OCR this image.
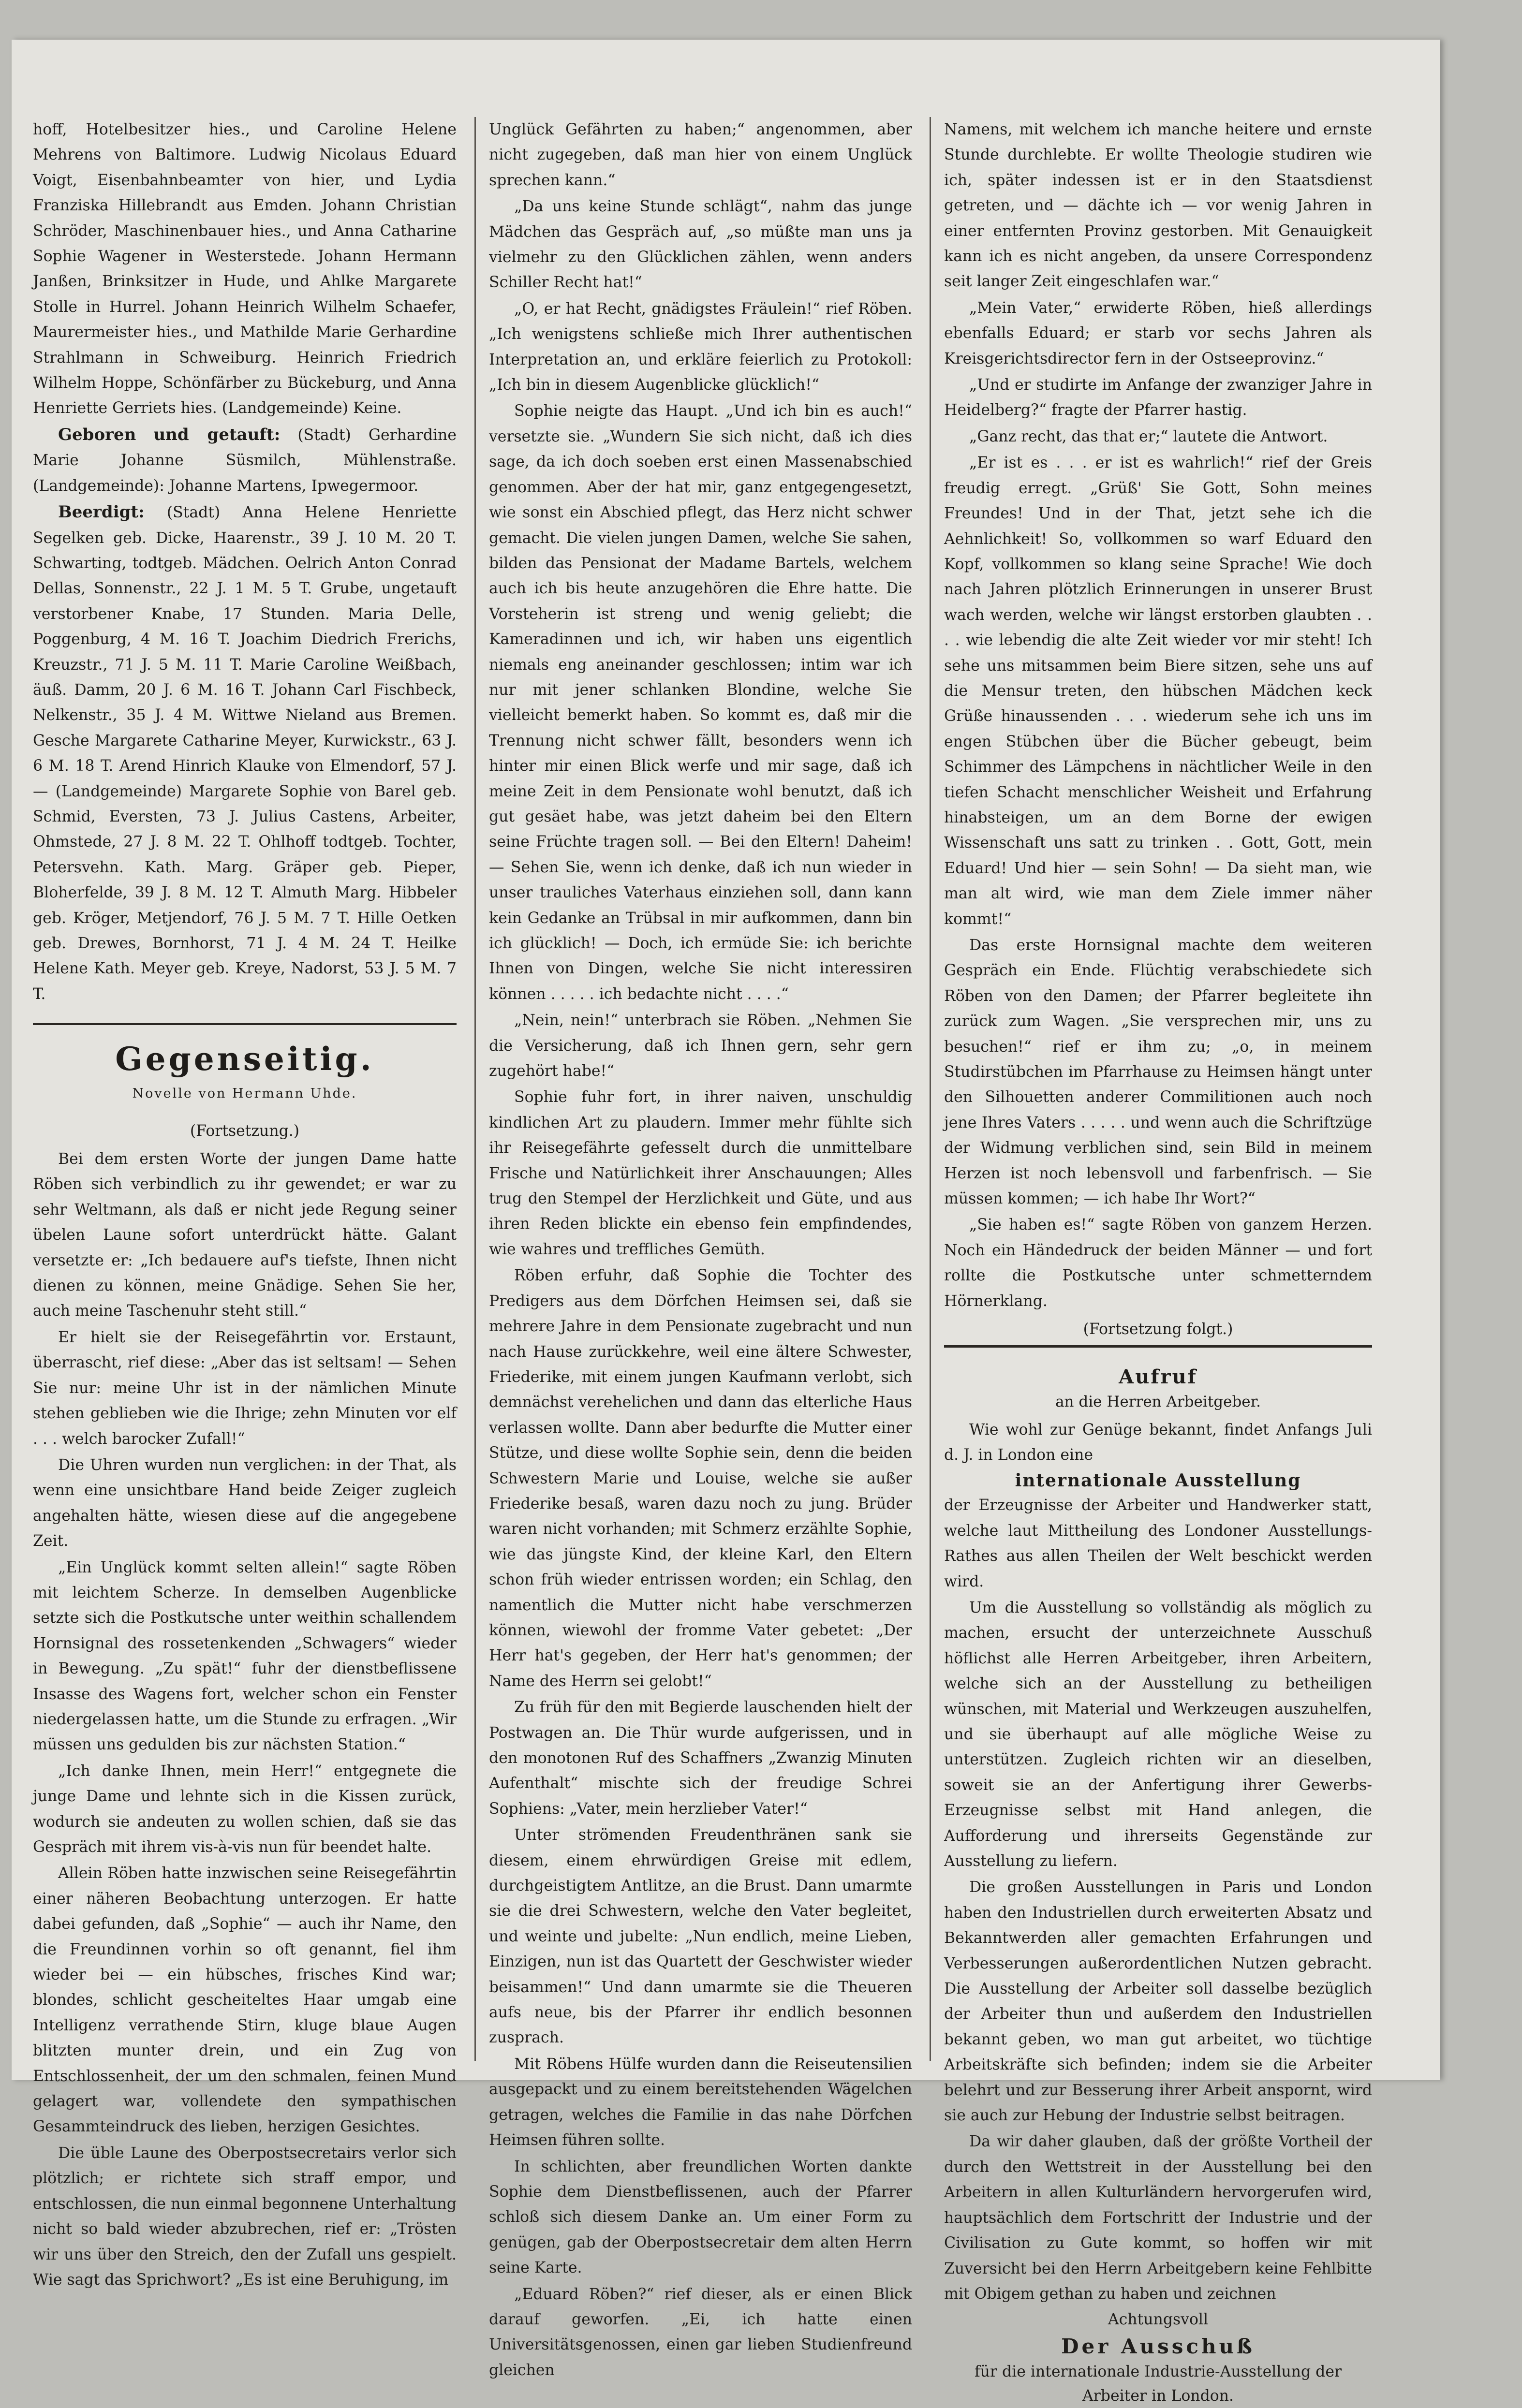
hoff, Hotelbesitzer hies., und Caroline Helene Mehrens von Baltimore. Ludwig Nicolaus Eduard Voigt, Eisenbahnbeamter von hier, und Lydia Franziska Hillebrandt aus Emden. Johann Christian Schröder, Maschinenbauer hies., und Anna Catharine Sophie Wagener in Westerstede. Johann Hermann Janßen, Brinksitzer in Hude, und Ahlke Margarete Stolle in Hurrel. Johann Heinrich Wilhelm Schaefer, Maurermeister hies., und Mathilde Marie Gerhardine Strahlmann in Schweiburg. Heinrich Friedrich Wilhelm Hoppe, Schönfärber zu Bückeburg, und Anna Henriette Gerriets hies. (Landgemeinde) Keine.

Geboren und getauft: (Stadt) Gerhardine Marie Johanne Süsmilch, Mühlenstraße. (Landgemeinde): Johanne Martens, Ipwegermoor.

Beerdigt: (Stadt) Anna Helene Henriette Segelken geb. Dicke, Haarenstr., 39 J. 10 M. 20 T. Schwarting, todtgeb. Mädchen. Oelrich Anton Conrad Dellas, Sonnenstr., 22 J. 1 M. 5 T. Grube, ungetauft verstorbener Knabe, 17 Stunden. Maria Delle, Poggenburg, 4 M. 16 T. Joachim Diedrich Frerichs, Kreuzstr., 71 J. 5 M. 11 T. Marie Caroline Weißbach, äuß. Damm, 20 J. 6 M. 16 T. Johann Carl Fischbeck, Nelkenstr., 35 J. 4 M. Wittwe Nieland aus Bremen. Gesche Margarete Catharine Meyer, Kurwickstr., 63 J. 6 M. 18 T. Arend Hinrich Klauke von Elmendorf, 57 J. — (Landgemeinde) Margarete Sophie von Barel geb. Schmid, Eversten, 73 J. Julius Castens, Arbeiter, Ohmstede, 27 J. 8 M. 22 T. Ohlhoff todtgeb. Tochter, Petersvehn. Kath. Marg. Gräper geb. Pieper, Bloherfelde, 39 J. 8 M. 12 T. Almuth Marg. Hibbeler geb. Kröger, Metjendorf, 76 J. 5 M. 7 T. Hille Oetken geb. Drewes, Bornhorst, 71 J. 4 M. 24 T. Heilke Helene Kath. Meyer geb. Kreye, Nadorst, 53 J. 5 M. 7 T.

Gegenseitig.
Novelle von Hermann Uhde.
(Fortsetzung.)

Bei dem ersten Worte der jungen Dame hatte Röben sich verbindlich zu ihr gewendet; er war zu sehr Weltmann, als daß er nicht jede Regung seiner übelen Laune sofort unterdrückt hätte. Galant versetzte er: „Ich bedauere auf's tiefste, Ihnen nicht dienen zu können, meine Gnädige. Sehen Sie her, auch meine Taschenuhr steht still.“

Er hielt sie der Reisegefährtin vor. Erstaunt, überrascht, rief diese: „Aber das ist seltsam! — Sehen Sie nur: meine Uhr ist in der nämlichen Minute stehen geblieben wie die Ihrige; zehn Minuten vor elf . . . welch barocker Zufall!“

Die Uhren wurden nun verglichen: in der That, als wenn eine unsichtbare Hand beide Zeiger zugleich angehalten hätte, wiesen diese auf die angegebene Zeit.

„Ein Unglück kommt selten allein!“ sagte Röben mit leichtem Scherze. In demselben Augenblicke setzte sich die Postkutsche unter weithin schallendem Hornsignal des rossetenkenden „Schwagers“ wieder in Bewegung. „Zu spät!“ fuhr der dienstbeflissene Insasse des Wagens fort, welcher schon ein Fenster niedergelassen hatte, um die Stunde zu erfragen. „Wir müssen uns gedulden bis zur nächsten Station.“

„Ich danke Ihnen, mein Herr!“ entgegnete die junge Dame und lehnte sich in die Kissen zurück, wodurch sie andeuten zu wollen schien, daß sie das Gespräch mit ihrem vis-à-vis nun für beendet halte.

Allein Röben hatte inzwischen seine Reisegefährtin einer näheren Beobachtung unterzogen. Er hatte dabei gefunden, daß „Sophie“ — auch ihr Name, den die Freundinnen vorhin so oft genannt, fiel ihm wieder bei — ein hübsches, frisches Kind war; blondes, schlicht gescheiteltes Haar umgab eine Intelligenz verrathende Stirn, kluge blaue Augen blitzten munter drein, und ein Zug von Entschlossenheit, der um den schmalen, feinen Mund gelagert war, vollendete den sympathischen Gesammteindruck des lieben, herzigen Gesichtes.

Die üble Laune des Oberpostsecretairs verlor sich plötzlich; er richtete sich straff empor, und entschlossen, die nun einmal begonnene Unterhaltung nicht so bald wieder abzubrechen, rief er: „Trösten wir uns über den Streich, den der Zufall uns gespielt. Wie sagt das Sprichwort? „Es ist eine Beruhigung, im

Unglück Gefährten zu haben;“ angenommen, aber nicht zugegeben, daß man hier von einem Unglück sprechen kann.“

„Da uns keine Stunde schlägt“, nahm das junge Mädchen das Gespräch auf, „so müßte man uns ja vielmehr zu den Glücklichen zählen, wenn anders Schiller Recht hat!“

„O, er hat Recht, gnädigstes Fräulein!“ rief Röben. „Ich wenigstens schließe mich Ihrer authentischen Interpretation an, und erkläre feierlich zu Protokoll: „Ich bin in diesem Augenblicke glücklich!“

Sophie neigte das Haupt. „Und ich bin es auch!“ versetzte sie. „Wundern Sie sich nicht, daß ich dies sage, da ich doch soeben erst einen Massenabschied genommen. Aber der hat mir, ganz entgegengesetzt, wie sonst ein Abschied pflegt, das Herz nicht schwer gemacht. Die vielen jungen Damen, welche Sie sahen, bilden das Pensionat der Madame Bartels, welchem auch ich bis heute anzugehören die Ehre hatte. Die Vorsteherin ist streng und wenig geliebt; die Kameradinnen und ich, wir haben uns eigentlich niemals eng aneinander geschlossen; intim war ich nur mit jener schlanken Blondine, welche Sie vielleicht bemerkt haben. So kommt es, daß mir die Trennung nicht schwer fällt, besonders wenn ich hinter mir einen Blick werfe und mir sage, daß ich meine Zeit in dem Pensionate wohl benutzt, daß ich gut gesäet habe, was jetzt daheim bei den Eltern seine Früchte tragen soll. — Bei den Eltern! Daheim! — Sehen Sie, wenn ich denke, daß ich nun wieder in unser trauliches Vaterhaus einziehen soll, dann kann kein Gedanke an Trübsal in mir aufkommen, dann bin ich glücklich! — Doch, ich ermüde Sie: ich berichte Ihnen von Dingen, welche Sie nicht interessiren können . . . . . ich bedachte nicht . . . .“

„Nein, nein!“ unterbrach sie Röben. „Nehmen Sie die Versicherung, daß ich Ihnen gern, sehr gern zugehört habe!“

Sophie fuhr fort, in ihrer naiven, unschuldig kindlichen Art zu plaudern. Immer mehr fühlte sich ihr Reisegefährte gefesselt durch die unmittelbare Frische und Natürlichkeit ihrer Anschauungen; Alles trug den Stempel der Herzlichkeit und Güte, und aus ihren Reden blickte ein ebenso fein empfindendes, wie wahres und treffliches Gemüth.

Röben erfuhr, daß Sophie die Tochter des Predigers aus dem Dörfchen Heimsen sei, daß sie mehrere Jahre in dem Pensionate zugebracht und nun nach Hause zurückkehre, weil eine ältere Schwester, Friederike, mit einem jungen Kaufmann verlobt, sich demnächst verehelichen und dann das elterliche Haus verlassen wollte. Dann aber bedurfte die Mutter einer Stütze, und diese wollte Sophie sein, denn die beiden Schwestern Marie und Louise, welche sie außer Friederike besaß, waren dazu noch zu jung. Brüder waren nicht vorhanden; mit Schmerz erzählte Sophie, wie das jüngste Kind, der kleine Karl, den Eltern schon früh wieder entrissen worden; ein Schlag, den namentlich die Mutter nicht habe verschmerzen können, wiewohl der fromme Vater gebetet: „Der Herr hat's gegeben, der Herr hat's genommen; der Name des Herrn sei gelobt!“

Zu früh für den mit Begierde lauschenden hielt der Postwagen an. Die Thür wurde aufgerissen, und in den monotonen Ruf des Schaffners „Zwanzig Minuten Aufenthalt“ mischte sich der freudige Schrei Sophiens: „Vater, mein herzlieber Vater!“

Unter strömenden Freudenthränen sank sie diesem, einem ehrwürdigen Greise mit edlem, durchgeistigtem Antlitze, an die Brust. Dann umarmte sie die drei Schwestern, welche den Vater begleitet, und weinte und jubelte: „Nun endlich, meine Lieben, Einzigen, nun ist das Quartett der Geschwister wieder beisammen!“ Und dann umarmte sie die Theueren aufs neue, bis der Pfarrer ihr endlich besonnen zusprach.

Mit Röbens Hülfe wurden dann die Reiseutensilien ausgepackt und zu einem bereitstehenden Wägelchen getragen, welches die Familie in das nahe Dörfchen Heimsen führen sollte.

In schlichten, aber freundlichen Worten dankte Sophie dem Dienstbeflissenen, auch der Pfarrer schloß sich diesem Danke an. Um einer Form zu genügen, gab der Oberpostsecretair dem alten Herrn seine Karte.

„Eduard Röben?“ rief dieser, als er einen Blick darauf geworfen. „Ei, ich hatte einen Universitätsgenossen, einen gar lieben Studienfreund gleichen

Namens, mit welchem ich manche heitere und ernste Stunde durchlebte. Er wollte Theologie studiren wie ich, später indessen ist er in den Staatsdienst getreten, und — dächte ich — vor wenig Jahren in einer entfernten Provinz gestorben. Mit Genauigkeit kann ich es nicht angeben, da unsere Correspondenz seit langer Zeit eingeschlafen war.“

„Mein Vater,“ erwiderte Röben, hieß allerdings ebenfalls Eduard; er starb vor sechs Jahren als Kreisgerichtsdirector fern in der Ostseeprovinz.“

„Und er studirte im Anfange der zwanziger Jahre in Heidelberg?“ fragte der Pfarrer hastig.

„Ganz recht, das that er;“ lautete die Antwort.

„Er ist es . . . er ist es wahrlich!“ rief der Greis freudig erregt. „Grüß' Sie Gott, Sohn meines Freundes! Und in der That, jetzt sehe ich die Aehnlichkeit! So, vollkommen so warf Eduard den Kopf, vollkommen so klang seine Sprache! Wie doch nach Jahren plötzlich Erinnerungen in unserer Brust wach werden, welche wir längst erstorben glaubten . . . . wie lebendig die alte Zeit wieder vor mir steht! Ich sehe uns mitsammen beim Biere sitzen, sehe uns auf die Mensur treten, den hübschen Mädchen keck Grüße hinaussenden . . . wiederum sehe ich uns im engen Stübchen über die Bücher gebeugt, beim Schimmer des Lämpchens in nächtlicher Weile in den tiefen Schacht menschlicher Weisheit und Erfahrung hinabsteigen, um an dem Borne der ewigen Wissenschaft uns satt zu trinken . . Gott, Gott, mein Eduard! Und hier — sein Sohn! — Da sieht man, wie man alt wird, wie man dem Ziele immer näher kommt!“

Das erste Hornsignal machte dem weiteren Gespräch ein Ende. Flüchtig verabschiedete sich Röben von den Damen; der Pfarrer begleitete ihn zurück zum Wagen. „Sie versprechen mir, uns zu besuchen!“ rief er ihm zu; „o, in meinem Studirstübchen im Pfarrhause zu Heimsen hängt unter den Silhouetten anderer Commilitionen auch noch jene Ihres Vaters . . . . . und wenn auch die Schriftzüge der Widmung verblichen sind, sein Bild in meinem Herzen ist noch lebensvoll und farbenfrisch. — Sie müssen kommen; — ich habe Ihr Wort?“

„Sie haben es!“ sagte Röben von ganzem Herzen. Noch ein Händedruck der beiden Männer — und fort rollte die Postkutsche unter schmetterndem Hörnerklang.

(Fortsetzung folgt.)
Aufruf
an die Herren Arbeitgeber.

Wie wohl zur Genüge bekannt, findet Anfangs Juli d. J. in London eine

internationale Ausstellung

der Erzeugnisse der Arbeiter und Handwerker statt, welche laut Mittheilung des Londoner Ausstellungs-Rathes aus allen Theilen der Welt beschickt werden wird.

Um die Ausstellung so vollständig als möglich zu machen, ersucht der unterzeichnete Ausschuß höflichst alle Herren Arbeitgeber, ihren Arbeitern, welche sich an der Ausstellung zu betheiligen wünschen, mit Material und Werkzeugen auszuhelfen, und sie überhaupt auf alle mögliche Weise zu unterstützen. Zugleich richten wir an dieselben, soweit sie an der Anfertigung ihrer Gewerbs-Erzeugnisse selbst mit Hand anlegen, die Aufforderung und ihrerseits Gegenstände zur Ausstellung zu liefern.

Die großen Ausstellungen in Paris und London haben den Industriellen durch erweiterten Absatz und Bekanntwerden aller gemachten Erfahrungen und Verbesserungen außerordentlichen Nutzen gebracht. Die Ausstellung der Arbeiter soll dasselbe bezüglich der Arbeiter thun und außerdem den Industriellen bekannt geben, wo man gut arbeitet, wo tüchtige Arbeitskräfte sich befinden; indem sie die Arbeiter belehrt und zur Besserung ihrer Arbeit anspornt, wird sie auch zur Hebung der Industrie selbst beitragen.

Da wir daher glauben, daß der größte Vortheil der durch den Wettstreit in der Ausstellung bei den Arbeitern in allen Kulturländern hervorgerufen wird, hauptsächlich dem Fortschritt der Industrie und der Civilisation zu Gute kommt, so hoffen wir mit Zuversicht bei den Herrn Arbeitgebern keine Fehlbitte mit Obigem gethan zu haben und zeichnen

Achtungsvoll
Der Ausschuß
für die internationale Industrie-Ausstellung der Arbeiter in London.
